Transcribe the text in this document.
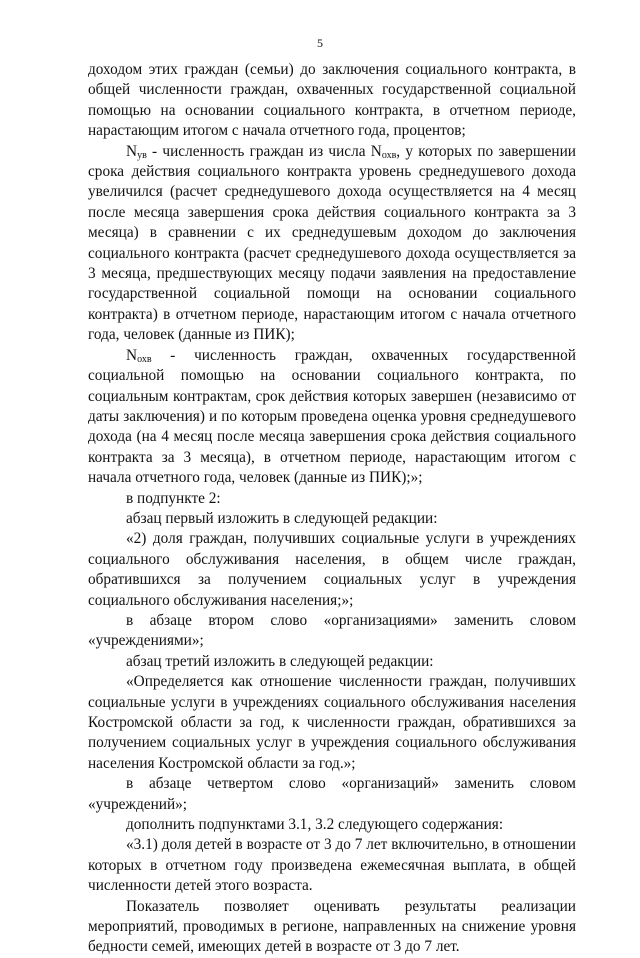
5

доходом этих граждан (семьи) до заключения социального контракта, в общей численности граждан, охваченных государственной социальной помощью на основании социального контракта, в отчетном периоде, нарастающим итогом с начала отчетного года, процентов;

$N_{ув}$ - численность граждан из числа $N_{охв}$, у которых по завершении срока действия социального контракта уровень среднедушевого дохода увеличился (расчет среднедушевого дохода осуществляется на 4 месяц после месяца завершения срока действия социального контракта за 3 месяца) в сравнении с их среднедушевым доходом до заключения социального контракта (расчет среднедушевого дохода осуществляется за 3 месяца, предшествующих месяцу подачи заявления на предоставление государственной социальной помощи на основании социального контракта) в отчетном периоде, нарастающим итогом с начала отчетного года, человек (данные из ПИК);

$N_{охв}$ - численность граждан, охваченных государственной социальной помощью на основании социального контракта, по социальным контрактам, срок действия которых завершен (независимо от даты заключения) и по которым проведена оценка уровня среднедушевого дохода (на 4 месяц после месяца завершения срока действия социального контракта за 3 месяца), в отчетном периоде, нарастающим итогом с начала отчетного года, человек (данные из ПИК);»;

в подпункте 2:

абзац первый изложить в следующей редакции:

«2) доля граждан, получивших социальные услуги в учреждениях социального обслуживания населения, в общем числе граждан, обратившихся за получением социальных услуг в учреждения социального обслуживания населения;»;

в абзаце втором слово «организациями» заменить словом «учреждениями»;

абзац третий изложить в следующей редакции:

«Определяется как отношение численности граждан, получивших социальные услуги в учреждениях социального обслуживания населения Костромской области за год, к численности граждан, обратившихся за получением социальных услуг в учреждения социального обслуживания населения Костромской области за год.»;

в абзаце четвертом слово «организаций» заменить словом «учреждений»;

дополнить подпунктами 3.1, 3.2 следующего содержания:

«3.1) доля детей в возрасте от 3 до 7 лет включительно, в отношении которых в отчетном году произведена ежемесячная выплата, в общей численности детей этого возраста.

Показатель позволяет оценивать результаты реализации мероприятий, проводимых в регионе, направленных на снижение уровня бедности семей, имеющих детей в возрасте от 3 до 7 лет.
